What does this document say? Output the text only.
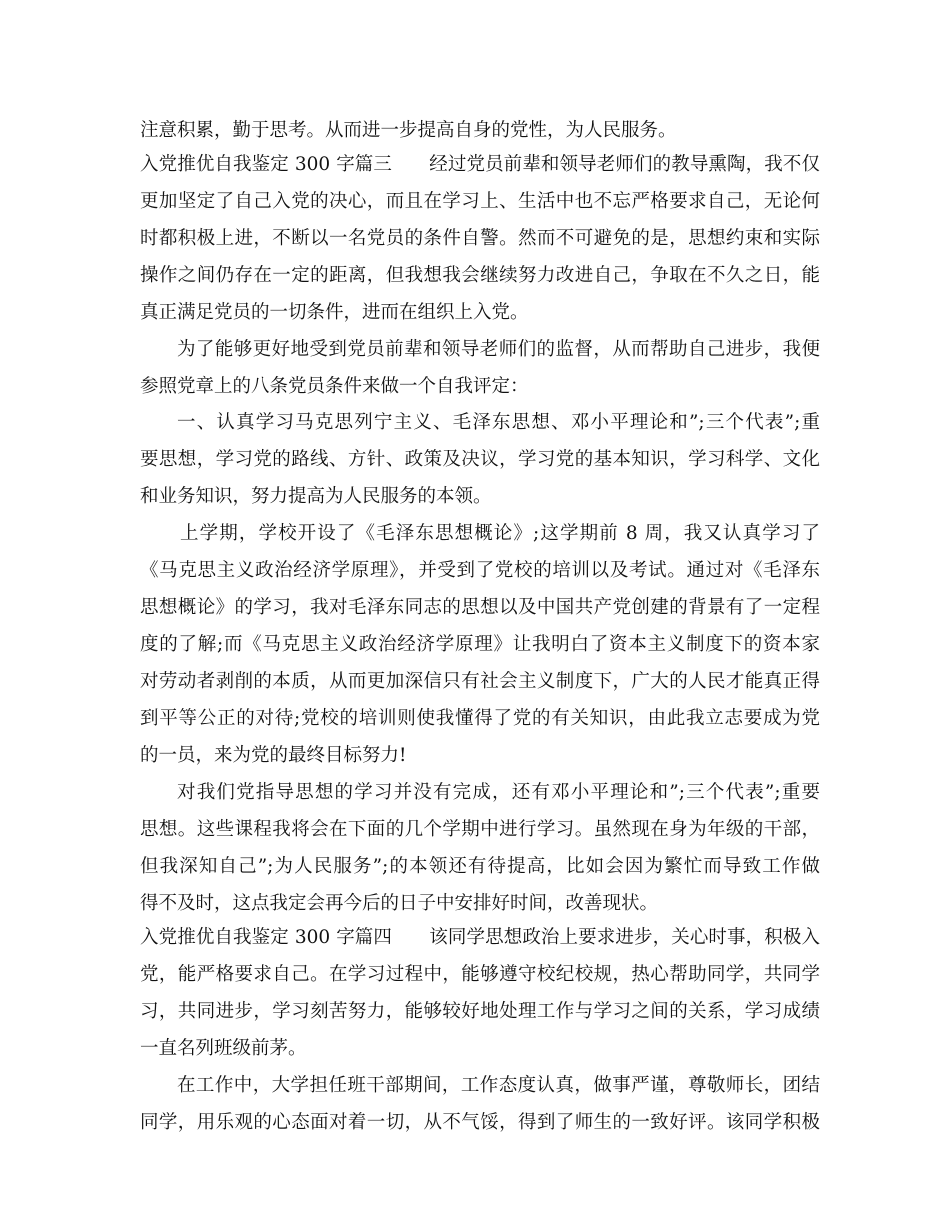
注意积累，勤于思考。从而进一步提高自身的党性，为人民服务。
入党推优自我鉴定 300 字篇三　　经过党员前辈和领导老师们的教导熏陶，我不仅
更加坚定了自己入党的决心，而且在学习上、生活中也不忘严格要求自己，无论何
时都积极上进，不断以一名党员的条件自警。然而不可避免的是，思想约束和实际
操作之间仍存在一定的距离，但我想我会继续努力改进自己，争取在不久之日，能
真正满足党员的一切条件，进而在组织上入党。
为了能够更好地受到党员前辈和领导老师们的监督，从而帮助自己进步，我便
参照党章上的八条党员条件来做一个自我评定：
一、认真学习马克思列宁主义、毛泽东思想、邓小平理论和”;三个代表”;重
要思想，学习党的路线、方针、政策及决议，学习党的基本知识，学习科学、文化
和业务知识，努力提高为人民服务的本领。
上学期，学校开设了《毛泽东思想概论》;这学期前 8 周，我又认真学习了
《马克思主义政治经济学原理》，并受到了党校的培训以及考试。通过对《毛泽东
思想概论》的学习，我对毛泽东同志的思想以及中国共产党创建的背景有了一定程
度的了解;而《马克思主义政治经济学原理》让我明白了资本主义制度下的资本家
对劳动者剥削的本质，从而更加深信只有社会主义制度下，广大的人民才能真正得
到平等公正的对待;党校的培训则使我懂得了党的有关知识，由此我立志要成为党
的一员，来为党的最终目标努力!
对我们党指导思想的学习并没有完成，还有邓小平理论和”;三个代表”;重要
思想。这些课程我将会在下面的几个学期中进行学习。虽然现在身为年级的干部，
但我深知自己”;为人民服务”;的本领还有待提高，比如会因为繁忙而导致工作做
得不及时，这点我定会再今后的日子中安排好时间，改善现状。
入党推优自我鉴定 300 字篇四　　该同学思想政治上要求进步，关心时事，积极入
党，能严格要求自己。在学习过程中，能够遵守校纪校规，热心帮助同学，共同学
习，共同进步，学习刻苦努力，能够较好地处理工作与学习之间的关系，学习成绩
一直名列班级前茅。
在工作中，大学担任班干部期间，工作态度认真，做事严谨，尊敬师长，团结
同学，用乐观的心态面对着一切，从不气馁，得到了师生的一致好评。该同学积极
